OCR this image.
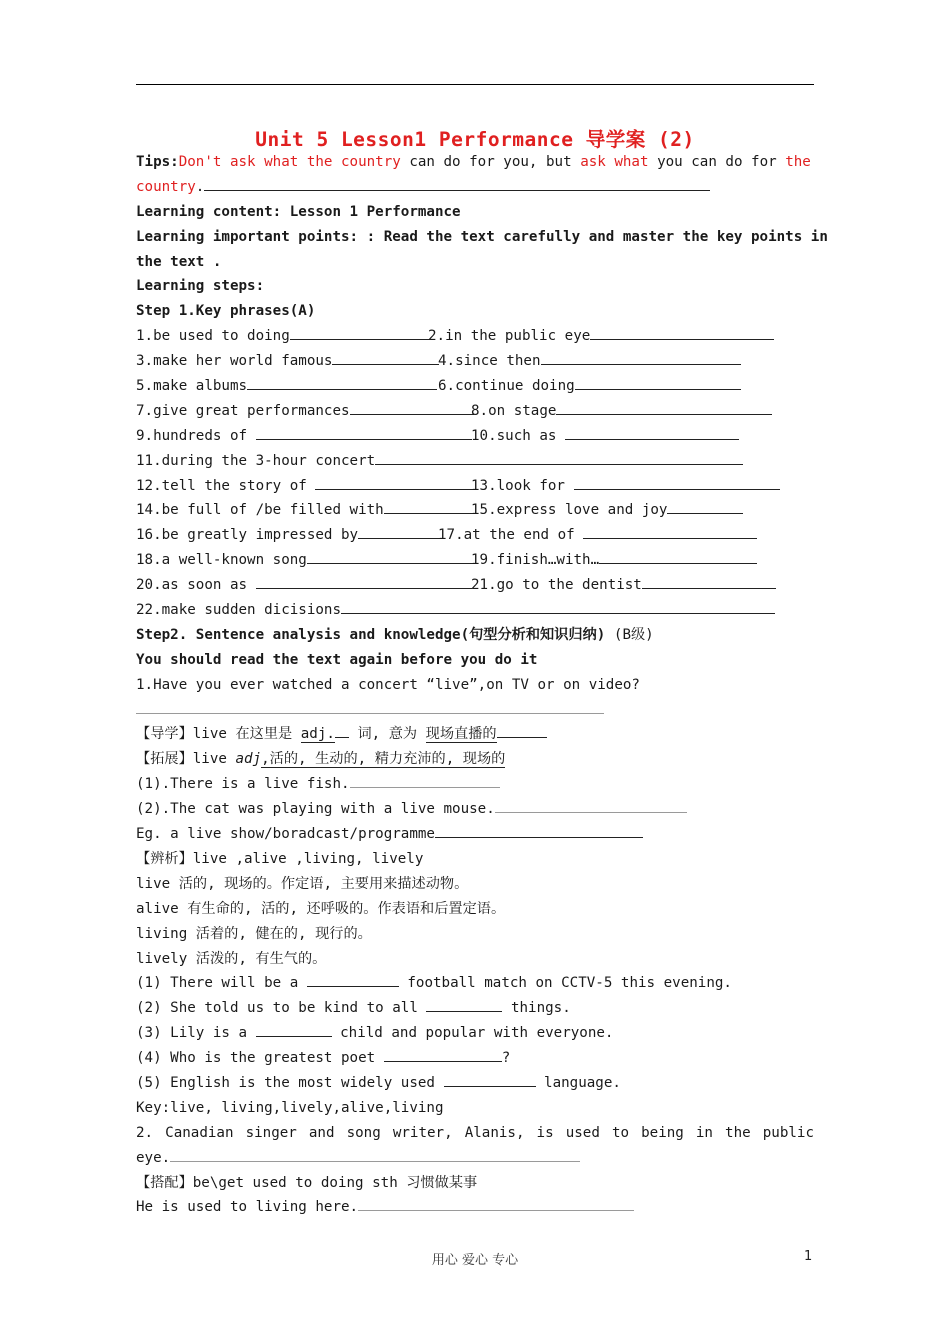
Unit 5 Lesson1 Performance 导学案 (2)
Tips:Don't ask what the country can do for you, but ask what you can do for the
country.
Learning content: Lesson 1 Performance
Learning important points: : Read the text carefully and master the key points in
the text .
Learning steps:
Step 1.Key phrases(A)
1.be used to doing	2.in the public eye
3.make her world famous	4.since then
5.make albums	6.continue doing
7.give great performances	8.on stage
9.hundreds of	10.such as
11.during the 3-hour concert
12.tell the story of	13.look for
14.be full of /be filled with	15.express love and joy
16.be greatly impressed by	17.at the end of
18.a well-known song	19.finish…with…
20.as soon as	21.go to the dentist
22.make sudden dicisions
Step2. Sentence analysis and knowledge(句型分析和知识归纳) (B级)
You should read the text again before you do it
1.Have you ever watched a concert “live”,on TV or on video?
【导学】live 在这里是 adj. 词, 意为 现场直播的
【拓展】live adj,活的, 生动的, 精力充沛的, 现场的
(1).There is a live fish.
(2).The cat was playing with a live mouse.
Eg. a live show/boradcast/programme
【辨析】live ,alive ,living, lively
live 活的, 现场的。作定语, 主要用来描述动物。
alive 有生命的, 活的, 还呼吸的。作表语和后置定语。
living 活着的, 健在的, 现行的。
lively 活泼的, 有生气的。
(1) There will be a	football match on CCTV-5 this evening.
(2) She told us to be kind to all	things.
(3) Lily is a	child and popular with everyone.
(4) Who is the greatest poet	?
(5) English is the most widely used	language.
Key:live, living,lively,alive,living
2. Canadian singer and song writer, Alanis, is used to being in the public
eye.
【搭配】be\get used to doing sth 习惯做某事
He is used to living here.
用心 爱心 专心	1
